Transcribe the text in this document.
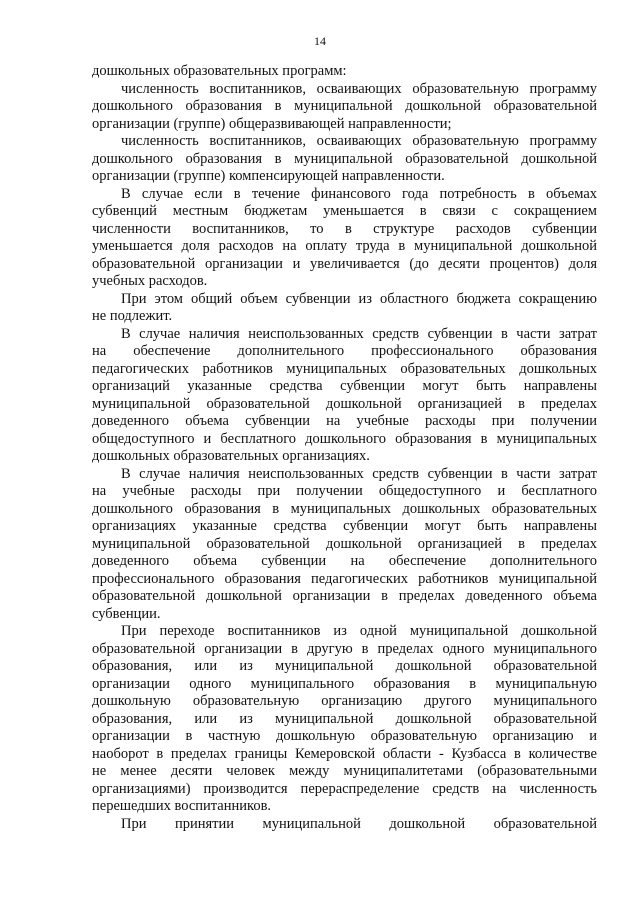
14
дошкольных образовательных программ:
численность воспитанников, осваивающих образовательную программу
дошкольного образования в муниципальной дошкольной образовательной
организации (группе) общеразвивающей направленности;
численность воспитанников, осваивающих образовательную программу
дошкольного образования в муниципальной образовательной дошкольной
организации (группе) компенсирующей направленности.
В случае если в течение финансового года потребность в объемах
субвенций местным бюджетам уменьшается в связи с сокращением
численности воспитанников, то в структуре расходов субвенции
уменьшается доля расходов на оплату труда в муниципальной дошкольной
образовательной организации и увеличивается (до десяти процентов) доля
учебных расходов.
При этом общий объем субвенции из областного бюджета сокращению
не подлежит.
В случае наличия неиспользованных средств субвенции в части затрат
на обеспечение дополнительного профессионального образования
педагогических работников муниципальных образовательных дошкольных
организаций указанные средства субвенции могут быть направлены
муниципальной образовательной дошкольной организацией в пределах
доведенного объема субвенции на учебные расходы при получении
общедоступного и бесплатного дошкольного образования в муниципальных
дошкольных образовательных организациях.
В случае наличия неиспользованных средств субвенции в части затрат
на учебные расходы при получении общедоступного и бесплатного
дошкольного образования в муниципальных дошкольных образовательных
организациях указанные средства субвенции могут быть направлены
муниципальной образовательной дошкольной организацией в пределах
доведенного объема субвенции на обеспечение дополнительного
профессионального образования педагогических работников муниципальной
образовательной дошкольной организации в пределах доведенного объема
субвенции.
При переходе воспитанников из одной муниципальной дошкольной
образовательной организации в другую в пределах одного муниципального
образования, или из муниципальной дошкольной образовательной
организации одного муниципального образования в муниципальную
дошкольную образовательную организацию другого муниципального
образования, или из муниципальной дошкольной образовательной
организации в частную дошкольную образовательную организацию и
наоборот в пределах границы Кемеровской области - Кузбасса в количестве
не менее десяти человек между муниципалитетами (образовательными
организациями) производится перераспределение средств на численность
перешедших воспитанников.
При принятии муниципальной дошкольной образовательной
